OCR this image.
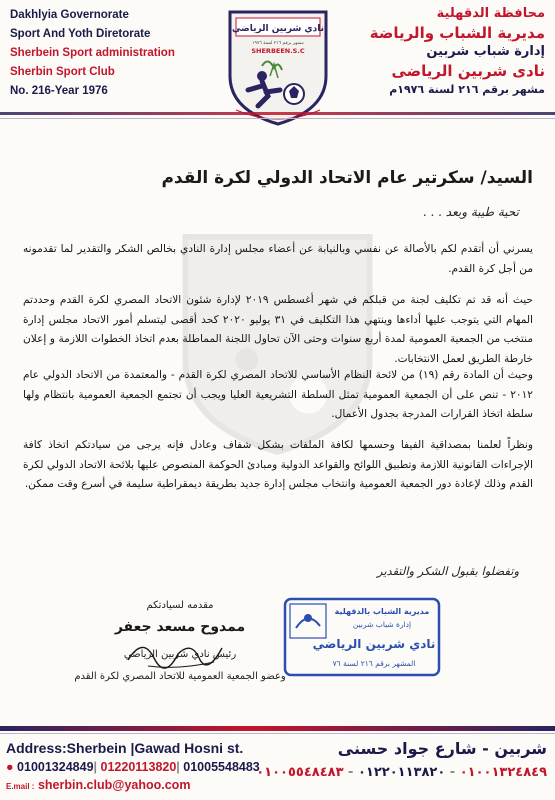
Dakhlyia Governorate
Sport And Yoth Diretorate
Sherbein Sport administration
Sherbin Sport Club
No. 216-Year 1976
نادي شربين الرياضي
مشهر برقم ٢١٦ لسنة ١٩٧٦
SHERBEEN.S.C
محافظة الدقهلية
مديرية الشباب والرياضة
إدارة شباب شربين
نادى شربين الرياضى
مشهر برقم ٢١٦ لسنة ١٩٧٦م
السيد/ سكرتير عام الاتحاد الدولي لكرة القدم
تحية طيبة وبعد . . .
يسرني أن أتقدم لكم بالأصالة عن نفسي وبالنيابة عن أعضاء مجلس إدارة النادي بخالص الشكر والتقدير لما تقدمونه من أجل كرة القدم.
حيث أنه قد تم تكليف لجنة من قبلكم في شهر أغسطس ٢٠١٩ لإدارة شئون الاتحاد المصري لكرة القدم وحددتم المهام التي يتوجب عليها أداءها وينتهي هذا التكليف في ٣١ يوليو ٢٠٢٠ كحد أقصى ليتسلم أمور الاتحاد مجلس إدارة منتخب من الجمعية العمومية لمدة أربع سنوات وحتى الآن تحاول اللجنة المماطلة بعدم اتخاذ الخطوات اللازمة و إعلان خارطة الطريق لعمل الانتخابات.
وحيث أن المادة رقم (١٩) من لائحة النظام الأساسي للاتحاد المصري لكرة القدم - والمعتمدة من الاتحاد الدولي عام ٢٠١٢ - تنص على أن الجمعية العمومية تمثل السلطة التشريعية العليا ويجب أن تجتمع الجمعية العمومية بانتظام ولها سلطة اتخاذ القرارات المدرجة بجدول الأعمال.
ونظراً لعلمنا بمصداقية الفيفا وحسمها لكافة الملفات بشكل شفاف وعادل فإنه يرجى من سيادتكم اتخاذ كافة الإجراءات القانونية اللازمة وتطبيق اللوائح والقواعد الدولية ومبادئ الحوكمة المنصوص عليها بلائحة الاتحاد الدولي لكرة القدم وذلك لإعادة دور الجمعية العمومية وانتخاب مجلس إدارة جديد بطريقة ديمقراطية سليمة في أسرع وقت ممكن.
وتفضلوا بقبول الشكر والتقدير
مديرية الشباب بالدقهلية
إدارة شباب شربين
نادي شربين الرياضي
المشهر برقم ٢١٦ لسنة ٧٦
مقدمه لسيادتكم
ممدوح مسعد جعفر
رئيس نادي شربين الرياضي
وعضو الجمعية العمومية للاتحاد المصري لكرة القدم
Address:Sherbein |Gawad Hosni st.
● 01001324849| 01220113820| 01005548483
E.mail : sherbin.club@yahoo.com
شربين - شارع جواد حسنى
٠١٠٠١٣٢٤٨٤٩ - ٠١٢٢٠١١٣٨٢٠ - ٠١٠٠٥٥٤٨٤٨٣
